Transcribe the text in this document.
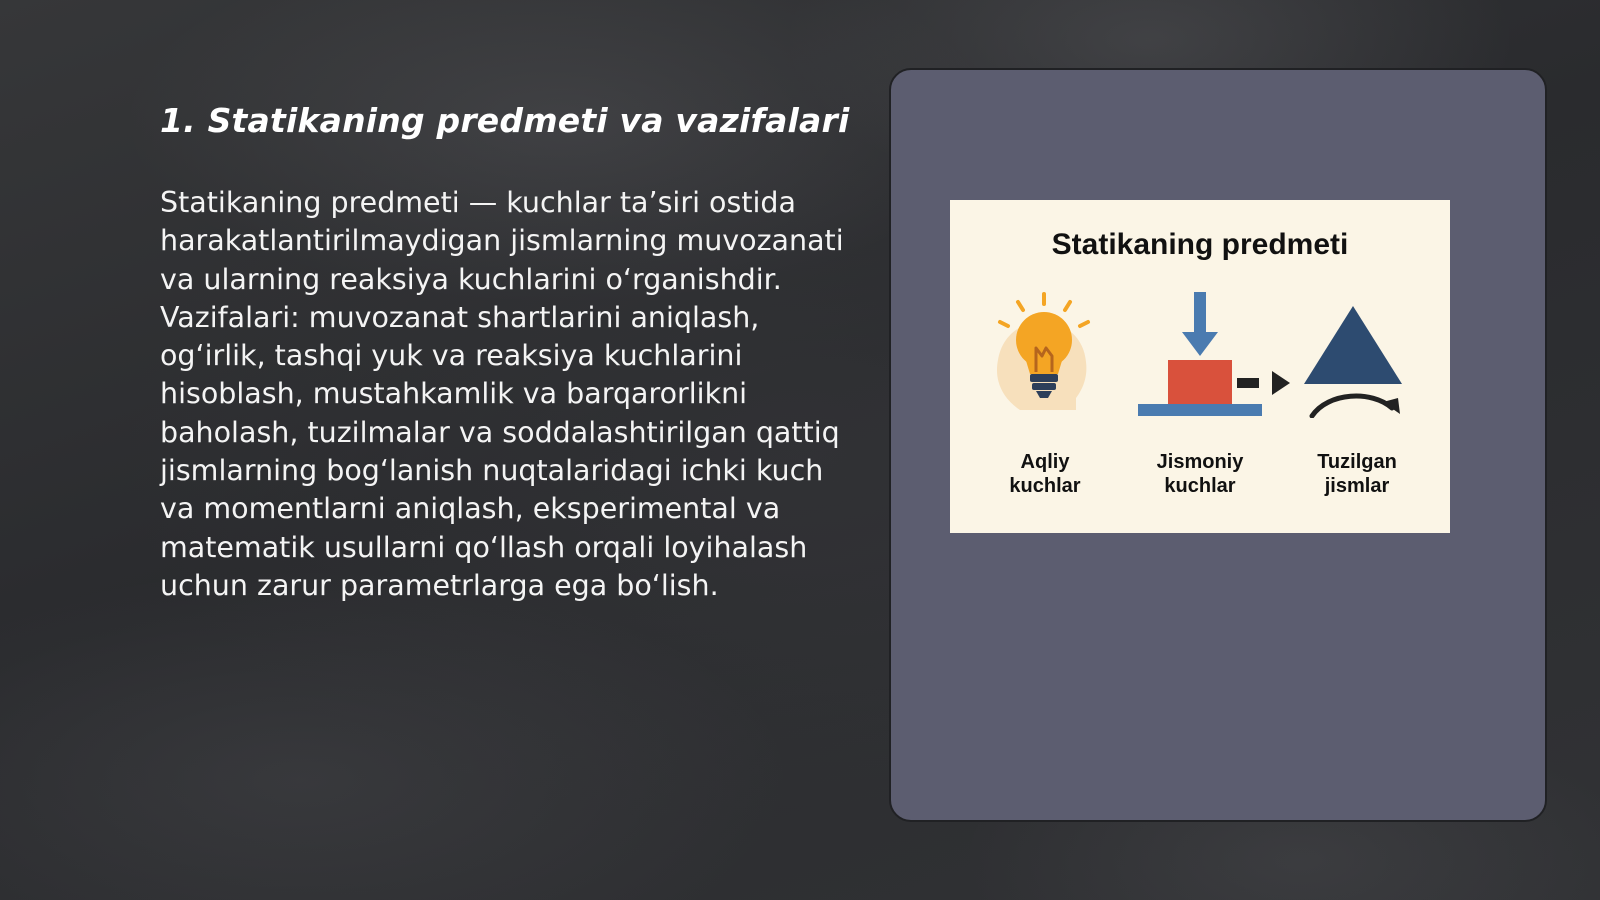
1. Statikaning predmeti va vazifalari

Statikaning predmeti — kuchlar ta’siri ostida harakatlantirilmaydigan jismlarning muvozanati va ularning reaksiya kuchlarini o‘rganishdir. Vazifalari: muvozanat shartlarini aniqlash, og‘irlik, tashqi yuk va reaksiya kuchlarini hisoblash, mustahkamlik va barqarorlikni baholash, tuzilmalar va soddalashtirilgan qattiq jismlarning bog‘lanish nuqtalaridagi ichki kuch va momentlarni aniqlash, eksperimental va matematik usullarni qo‘llash orqali loyihalash uchun zarur parametrlarga ega bo‘lish.

Statikaning predmeti
Aqliy
kuchlar
Jismoniy
kuchlar
Tuzilgan
jismlar
